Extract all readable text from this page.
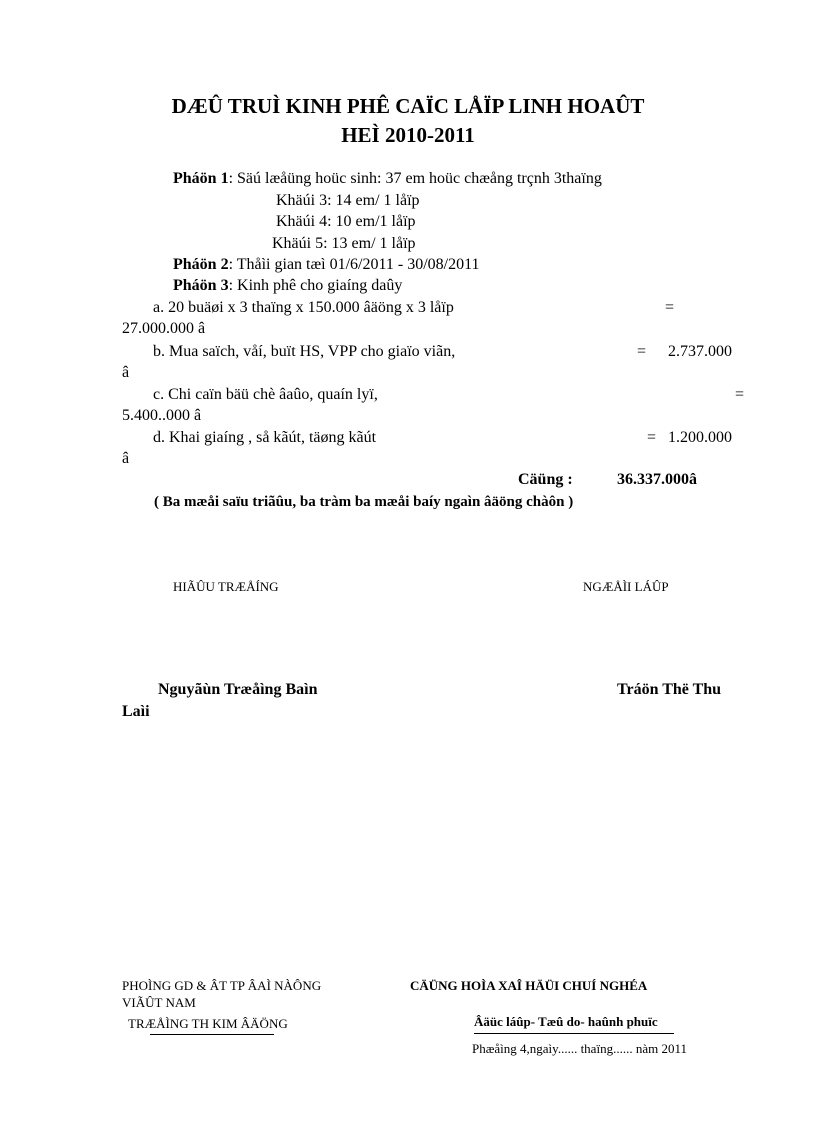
DÆÛ TRUÌ KINH PHÊ CAÏC LÅÏP LINH HOAÛT
HEÌ 2010-2011
Pháön 1: Säú læåüng hoüc sinh: 37 em hoüc chæång trçnh 3thaïng
Khäúi 3: 14 em/ 1 låïp
Khäúi 4: 10 em/1 låïp
Khäúi 5: 13 em/ 1 låïp
Pháön 2: Thåìi gian tæì 01/6/2011 - 30/08/2011
Pháön 3: Kinh phê cho giaíng daûy
a. 20 buäøi x 3 thaïng x 150.000 âäöng x 3 låïp	=
27.000.000 â
b. Mua saïch, våí, buït HS, VPP cho giaïo viãn,	= 2.737.000
â
c. Chi caïn bäü chè âaûo, quaín lyï,	=
5.400..000 â
d. Khai giaíng , så kãút, täøng kãút	= 1.200.000
â
Cäüng :	36.337.000â
( Ba mæåi saïu triãûu, ba tràm ba mæåi baíy ngaìn âäöng chàôn )
HIÃÛU TRÆÅÍNG	NGÆÅÌI LÁÛP
Nguyãùn Træåìng Baìn	Tráön Thë Thu
Laìi
PHOÌNG GD & ÂT TP ÂAÌ NÀÔNG	CÄÜNG HOÌA XAÎ HÄÜI CHUÍ NGHÉA
VIÃÛT NAM
TRÆÅÌNG TH KIM ÂÄÖNG	Âäüc láûp- Tæû do- haûnh phuïc
Phæåìng 4,ngaìy...... thaïng...... nàm 2011
